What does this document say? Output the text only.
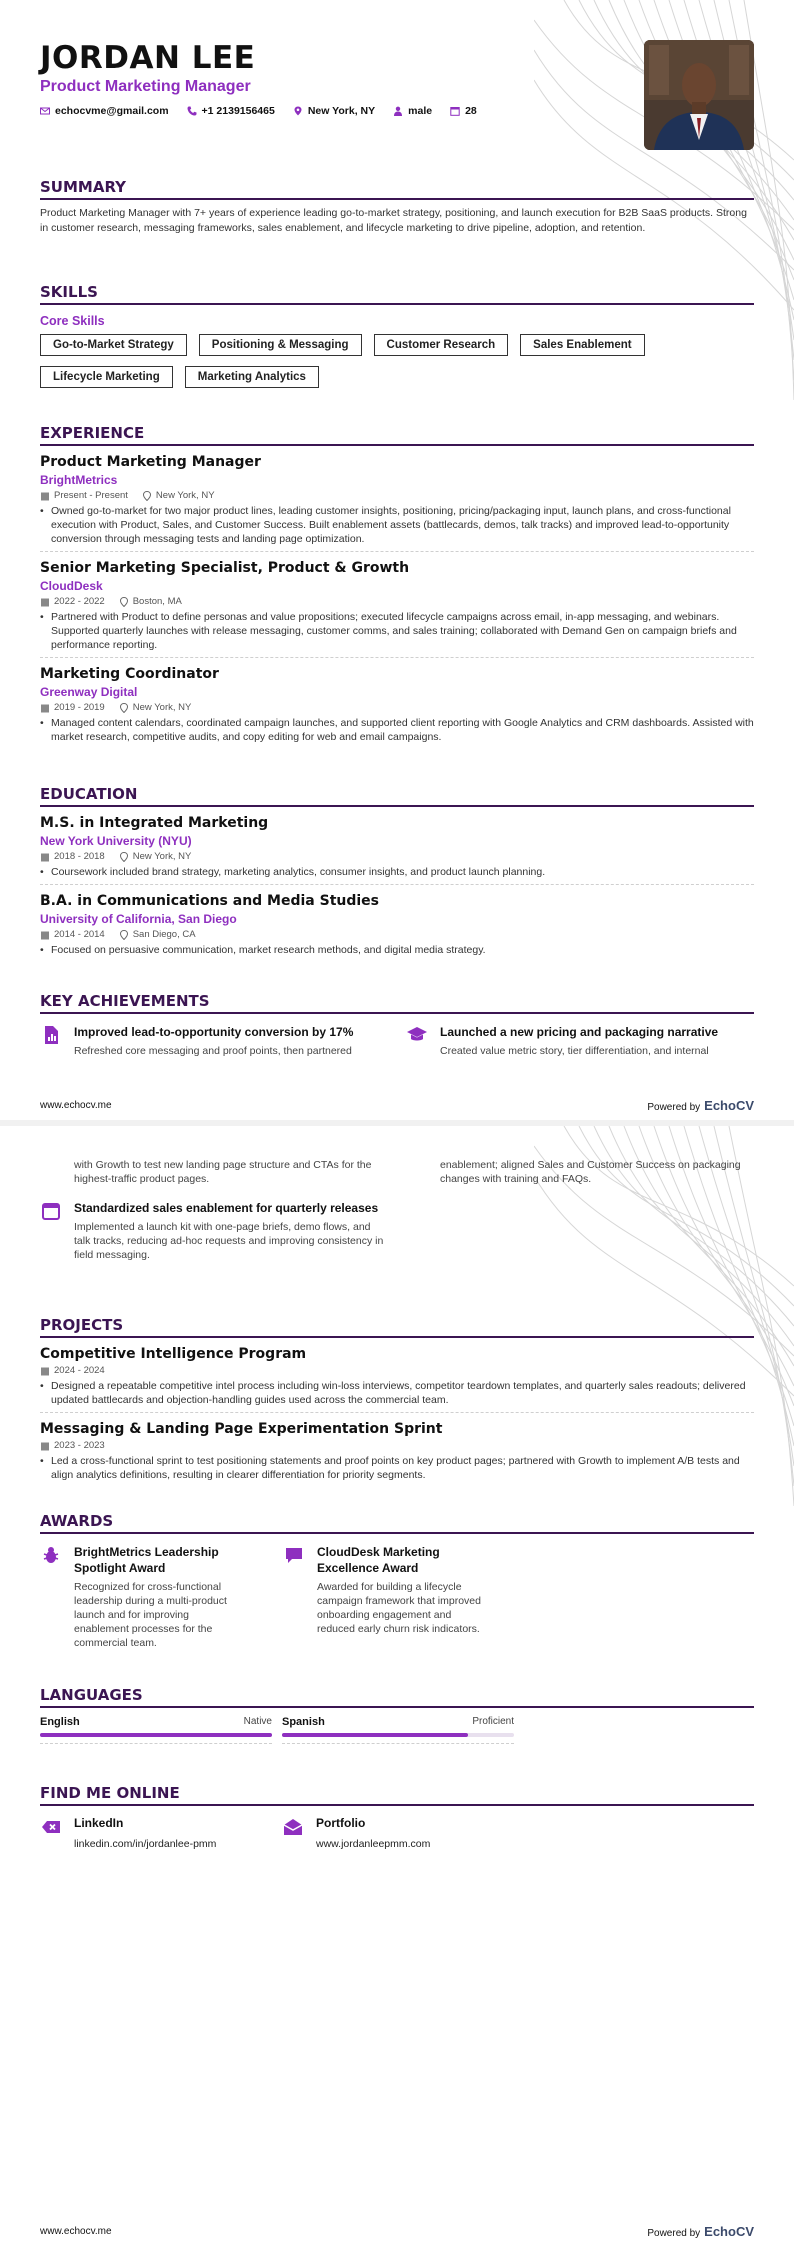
JORDAN LEE
Product Marketing Manager
echocvme@gmail.com	+1 2139156465	New York, NY	male	28
SUMMARY
Product Marketing Manager with 7+ years of experience leading go-to-market strategy, positioning, and launch execution for B2B SaaS products. Strong in customer research, messaging frameworks, sales enablement, and lifecycle marketing to drive pipeline, adoption, and retention.
SKILLS
Core Skills
Go-to-Market Strategy	Positioning & Messaging	Customer Research	Sales Enablement
Lifecycle Marketing	Marketing Analytics
EXPERIENCE
Product Marketing Manager
BrightMetrics
Present - Present	New York, NY
• Owned go-to-market for two major product lines, leading customer insights, positioning, pricing/packaging input, launch plans, and cross-functional execution with Product, Sales, and Customer Success. Built enablement assets (battlecards, demos, talk tracks) and improved lead-to-opportunity conversion through messaging tests and landing page optimization.
Senior Marketing Specialist, Product & Growth
CloudDesk
2022 - 2022	Boston, MA
• Partnered with Product to define personas and value propositions; executed lifecycle campaigns across email, in-app messaging, and webinars. Supported quarterly launches with release messaging, customer comms, and sales training; collaborated with Demand Gen on campaign briefs and performance reporting.
Marketing Coordinator
Greenway Digital
2019 - 2019	New York, NY
• Managed content calendars, coordinated campaign launches, and supported client reporting with Google Analytics and CRM dashboards. Assisted with market research, competitive audits, and copy editing for web and email campaigns.
EDUCATION
M.S. in Integrated Marketing
New York University (NYU)
2018 - 2018	New York, NY
• Coursework included brand strategy, marketing analytics, consumer insights, and product launch planning.
B.A. in Communications and Media Studies
University of California, San Diego
2014 - 2014	San Diego, CA
• Focused on persuasive communication, market research methods, and digital media strategy.
KEY ACHIEVEMENTS
Improved lead-to-opportunity conversion by 17%
Refreshed core messaging and proof points, then partnered
Launched a new pricing and packaging narrative
Created value metric story, tier differentiation, and internal
www.echocv.me	Powered by EchoCV
with Growth to test new landing page structure and CTAs for the highest-traffic product pages.
enablement; aligned Sales and Customer Success on packaging changes with training and FAQs.
Standardized sales enablement for quarterly releases
Implemented a launch kit with one-page briefs, demo flows, and talk tracks, reducing ad-hoc requests and improving consistency in field messaging.
PROJECTS
Competitive Intelligence Program
2024 - 2024
• Designed a repeatable competitive intel process including win-loss interviews, competitor teardown templates, and quarterly sales readouts; delivered updated battlecards and objection-handling guides used across the commercial team.
Messaging & Landing Page Experimentation Sprint
2023 - 2023
• Led a cross-functional sprint to test positioning statements and proof points on key product pages; partnered with Growth to implement A/B tests and align analytics definitions, resulting in clearer differentiation for priority segments.
AWARDS
BrightMetrics Leadership Spotlight Award
Recognized for cross-functional leadership during a multi-product launch and for improving enablement processes for the commercial team.
CloudDesk Marketing Excellence Award
Awarded for building a lifecycle campaign framework that improved onboarding engagement and reduced early churn risk indicators.
LANGUAGES
English	Native Spanish	Proficient
FIND ME ONLINE
LinkedIn
linkedin.com/in/jordanlee-pmm
Portfolio
www.jordanleepmm.com
www.echocv.me	Powered by EchoCV
